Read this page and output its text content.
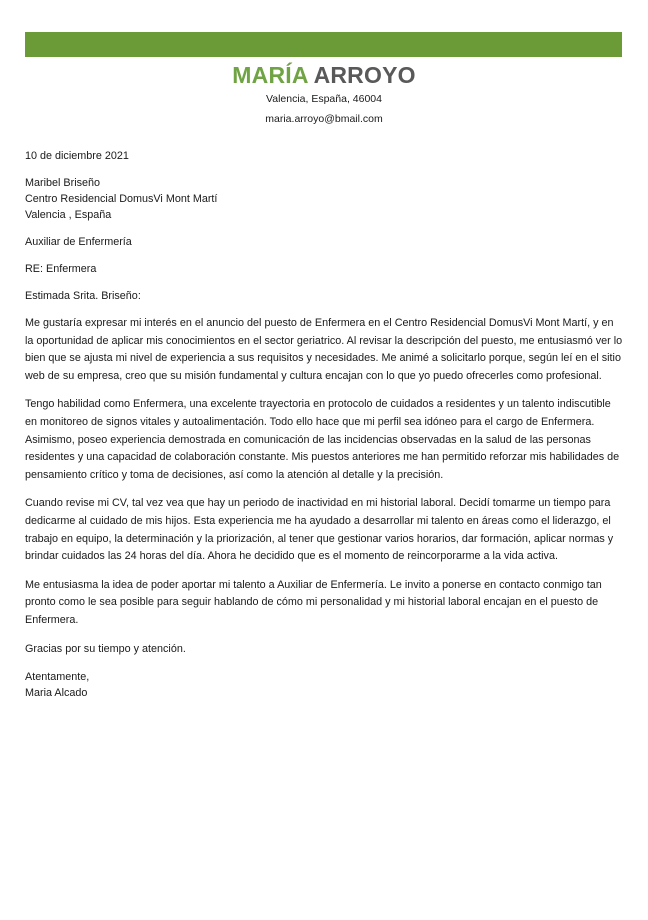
MARÍA ARROYO
Valencia, España, 46004
maria.arroyo@bmail.com
10 de diciembre 2021
Maribel Briseño
Centro Residencial DomusVi Mont Martí
Valencia , España
Auxiliar de Enfermería
RE: Enfermera
Estimada Srita. Briseño:

Me gustaría expresar mi interés en el anuncio del puesto de Enfermera en el Centro Residencial DomusVi Mont Martí, y en la oportunidad de aplicar mis conocimientos en el sector geriatrico. Al revisar la descripción del puesto, me entusiasmó ver lo bien que se ajusta mi nivel de experiencia a sus requisitos y necesidades. Me animé a solicitarlo porque, según leí en el sitio web de su empresa, creo que su misión fundamental y cultura encajan con lo que yo puedo ofrecerles como profesional.

Tengo habilidad como Enfermera, una excelente trayectoria en protocolo de cuidados a residentes y un talento indiscutible en monitoreo de signos vitales y autoalimentación. Todo ello hace que mi perfil sea idóneo para el cargo de Enfermera. Asimismo, poseo experiencia demostrada en comunicación de las incidencias observadas en la salud de las personas residentes y una capacidad de colaboración constante. Mis puestos anteriores me han permitido reforzar mis habilidades de pensamiento crítico y toma de decisiones, así como la atención al detalle y la precisión.

Cuando revise mi CV, tal vez vea que hay un periodo de inactividad en mi historial laboral. Decidí tomarme un tiempo para dedicarme al cuidado de mis hijos. Esta experiencia me ha ayudado a desarrollar mi talento en áreas como el liderazgo, el trabajo en equipo, la determinación y la priorización, al tener que gestionar varios horarios, dar formación, aplicar normas y brindar cuidados las 24 horas del día. Ahora he decidido que es el momento de reincorporarme a la vida activa.

Me entusiasma la idea de poder aportar mi talento a Auxiliar de Enfermería. Le invito a ponerse en contacto conmigo tan pronto como le sea posible para seguir hablando de cómo mi personalidad y mi historial laboral encajan en el puesto de Enfermera.

Gracias por su tiempo y atención.

Atentamente,
Maria Alcado
